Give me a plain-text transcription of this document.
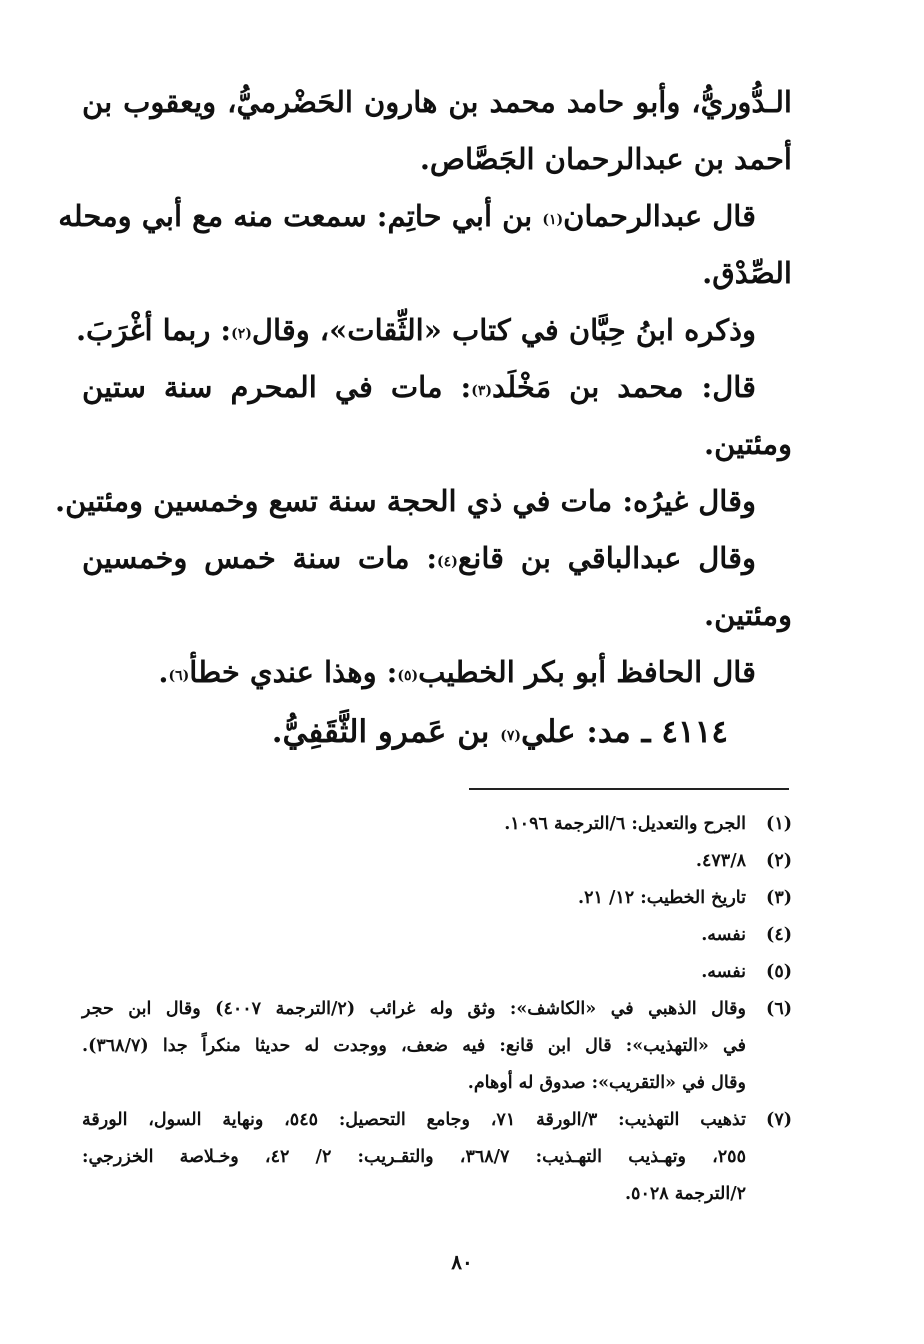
الـدُّوريُّ، وأبو حامد محمد بن هارون الحَضْرميُّ، ويعقوب بن
أحمد بن عبدالرحمان الجَصَّاص.
قال عبدالرحمان$^{(١)}$ بن أبي حاتِم: سمعت منه مع أبي ومحله
الصِّدْق.
وذكره ابنُ حِبَّان في كتاب «الثِّقات»، وقال$^{(٢)}$: ربما أغْرَبَ.
قال: محمد بن مَخْلَد$^{(٣)}$: مات في المحرم سنة ستين
ومئتين.
وقال غيرُه: مات في ذي الحجة سنة تسع وخمسين ومئتين.
وقال عبدالباقي بن قانع$^{(٤)}$: مات سنة خمس وخمسين
ومئتين.
قال الحافظ أبو بكر الخطيب$^{(٥)}$: وهذا عندي خطأ$^{(٦)}$.
٤١١٤ ـ مد: علي$^{(٧)}$ بن عَمرو الثَّقَفِيُّ.
(١)
الجرح والتعديل: ٦/الترجمة ١٠٩٦.
(٢)
٤٧٣/٨.
(٣)
تاريخ الخطيب: ١٢/ ٢١.
(٤)
نفسه.
(٥)
نفسه.
(٦)
وقال الذهبي في «الكاشف»: وثق وله غرائب (٢/الترجمة ٤٠٠٧) وقال ابن حجر
في «التهذيب»: قال ابن قانع: فيه ضعف، ووجدت له حديثا منكراً جدا (٣٦٨/٧).
وقال في «التقريب»: صدوق له أوهام.
(٧)
تذهيب التهذيب: ٣/الورقة ٧١، وجامع التحصيل: ٥٤٥، ونهاية السول، الورقة
٢٥٥، وتهـذيب التهـذيب: ٣٦٨/٧، والتقـريب: ٢/ ٤٢، وخـلاصة الخزرجي:
٢/الترجمة ٥٠٢٨.
٨٠
